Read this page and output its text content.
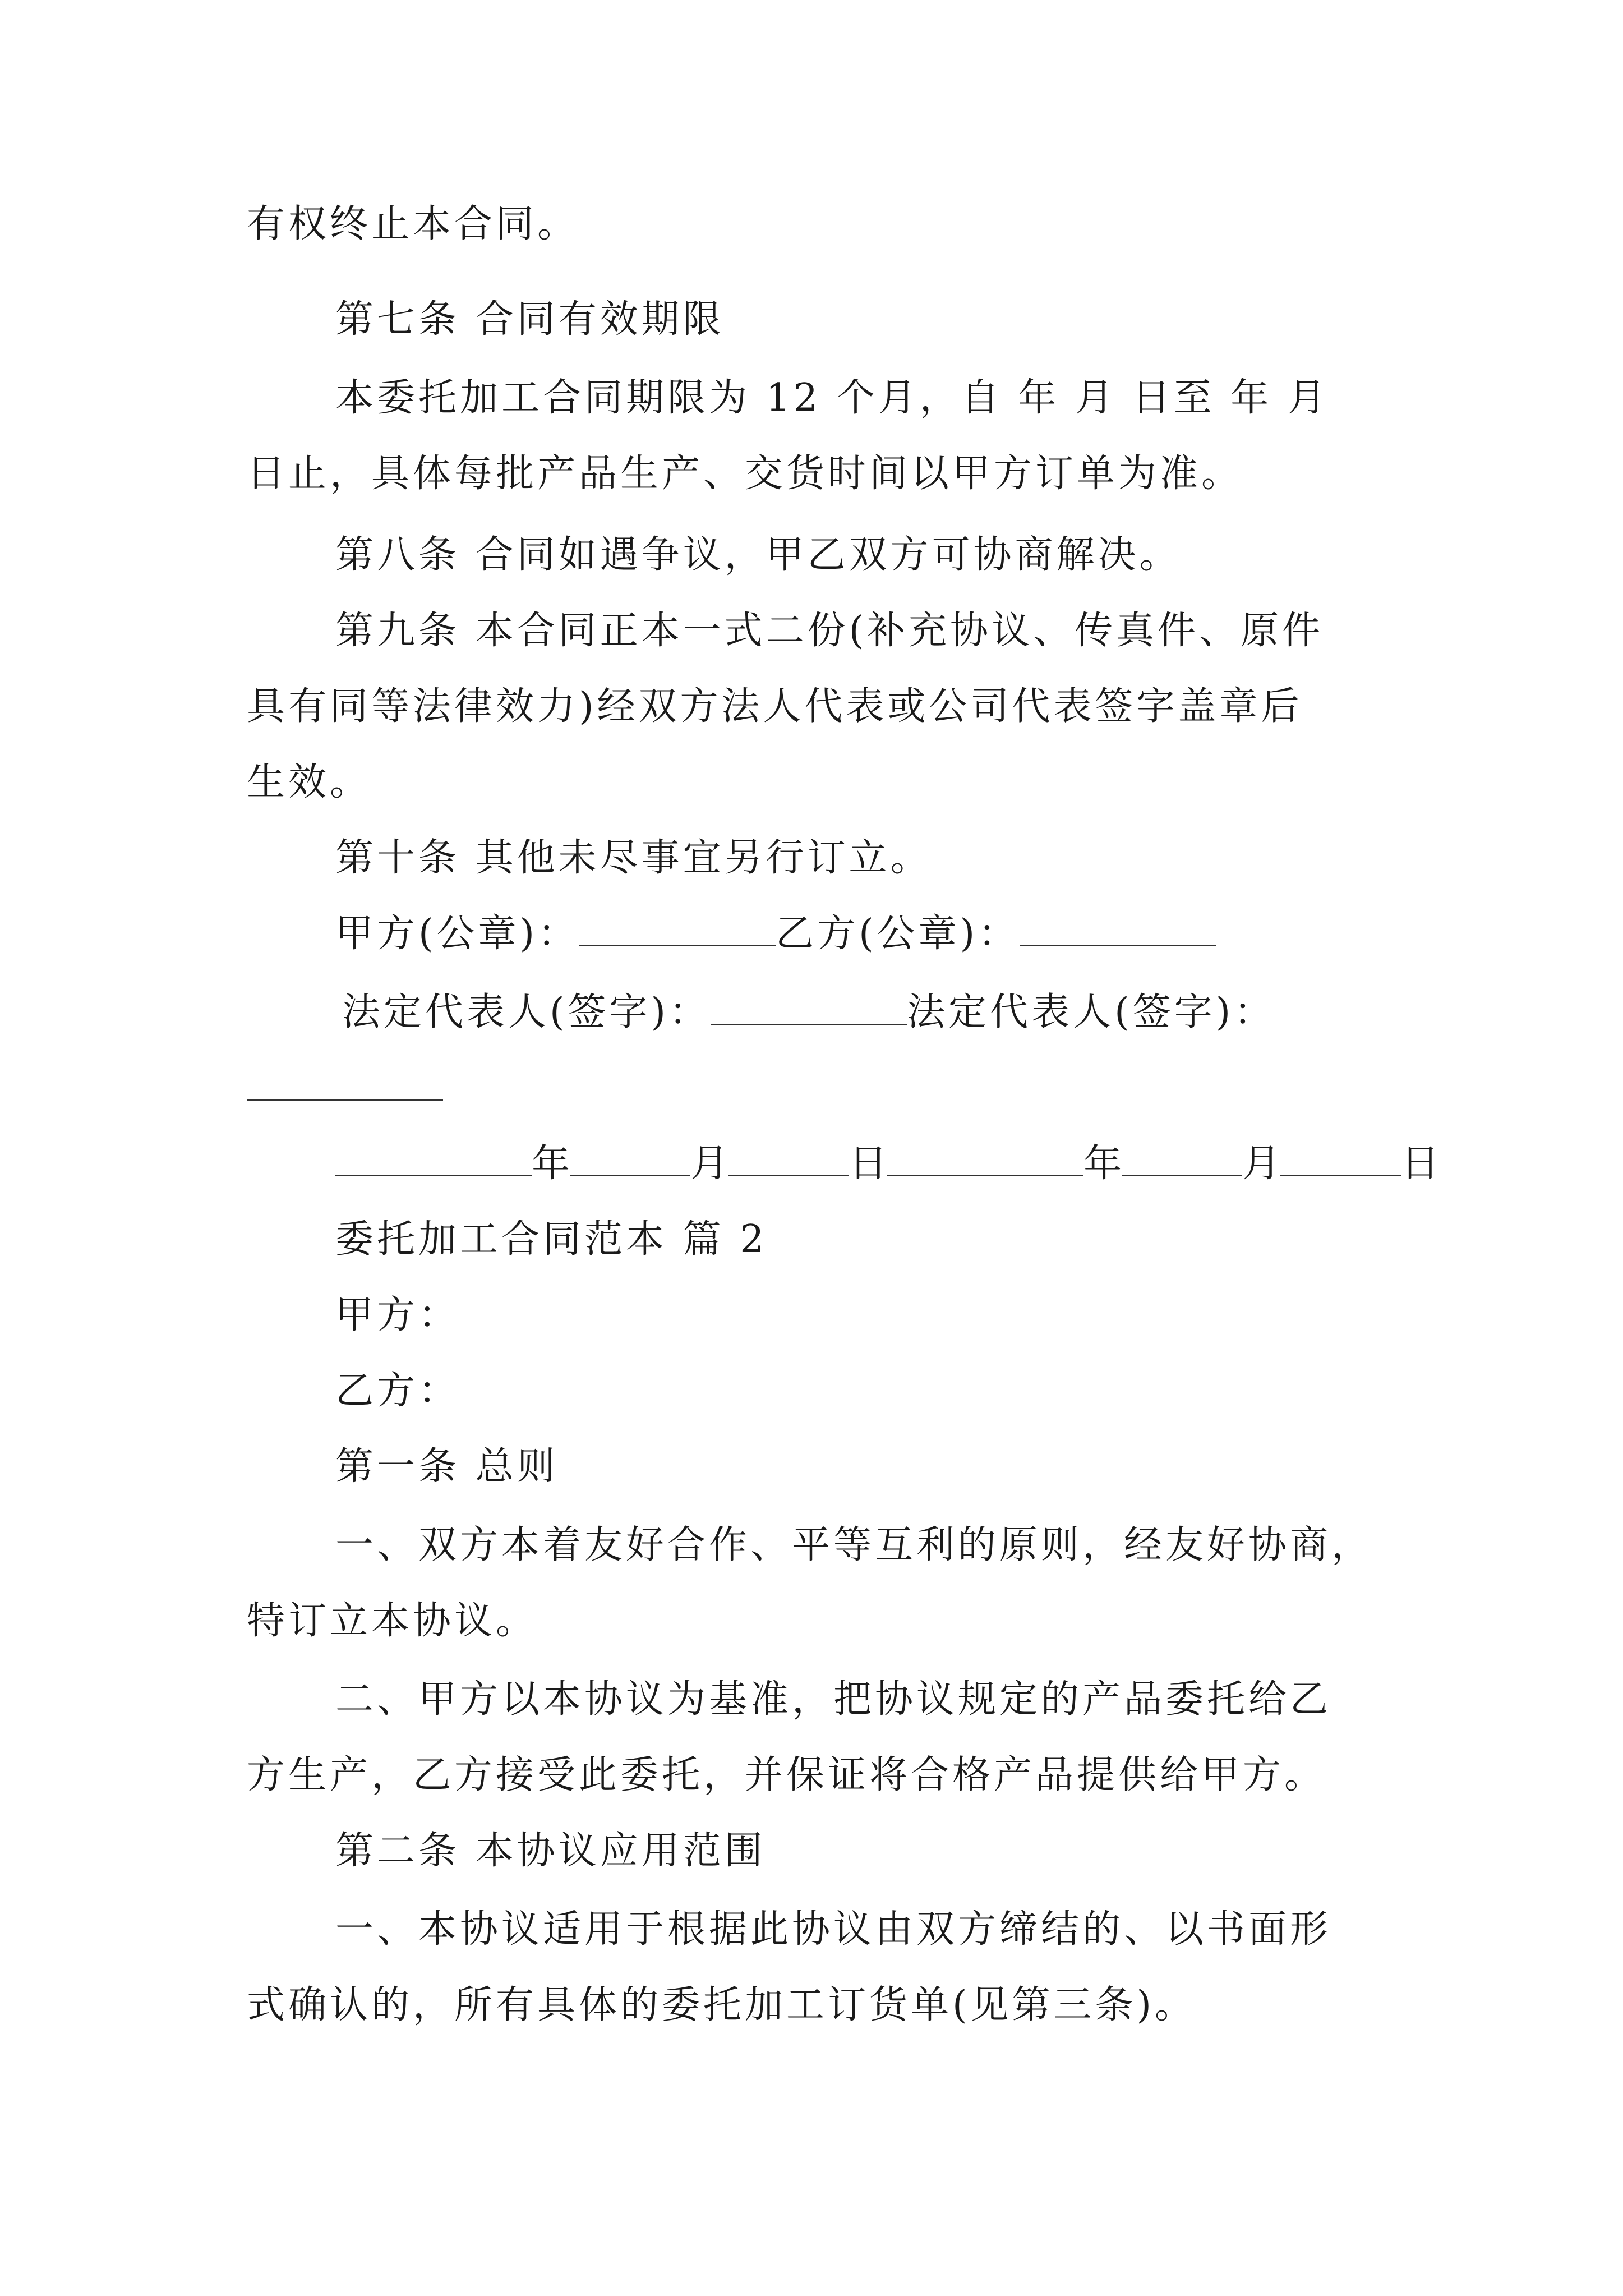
有权终止本合同。
第七条 合同有效期限
本委托加工合同期限为 12 个月，自 年 月 日至 年 月
日止，具体每批产品生产、交货时间以甲方订单为准。
第八条 合同如遇争议，甲乙双方可协商解决。
第九条 本合同正本一式二份(补充协议、传真件、原件
具有同等法律效力)经双方法人代表或公司代表签字盖章后
生效。
第十条 其他未尽事宜另行订立。
甲方(公章)：	乙方(公章)：
法定代表人(签字)：	法定代表人(签字)：
年	月	日	年	月	日
委托加工合同范本 篇 2
甲方：
乙方：
第一条 总则
一、双方本着友好合作、平等互利的原则，经友好协商，
特订立本协议。
二、甲方以本协议为基准，把协议规定的产品委托给乙
方生产，乙方接受此委托，并保证将合格产品提供给甲方。
第二条 本协议应用范围
一、本协议适用于根据此协议由双方缔结的、以书面形
式确认的，所有具体的委托加工订货单(见第三条)。
